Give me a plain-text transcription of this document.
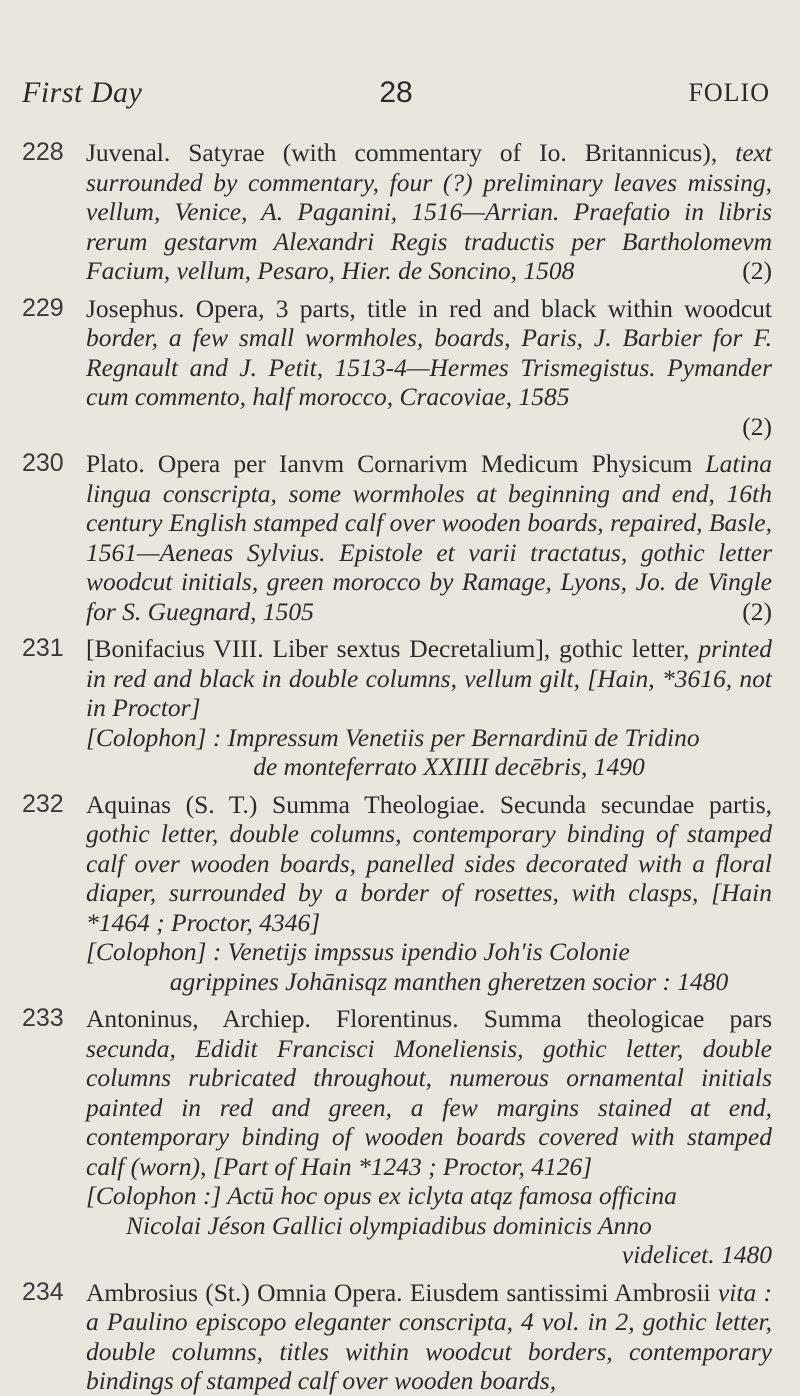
First Day	28	FOLIO
228 Juvenal. Satyrae (with commentary of Io. Britannicus), text surrounded by commentary, four (?) preliminary leaves missing, vellum, Venice, A. Paganini, 1516—Arrian. Praefatio in libris rerum gestarvm Alexandri Regis traductis per Bartholomevm Facium, vellum, Pesaro, Hier. de Soncino, 1508	(2)
229 Josephus. Opera, 3 parts, title in red and black within woodcut border, a few small wormholes, boards, Paris, J. Barbier for F. Regnault and J. Petit, 1513-4—Hermes Trismegistus. Pymander cum commento, half morocco, Cracoviae, 1585
(2)
230 Plato. Opera per Ianvm Cornarivm Medicum Physicum Latina lingua conscripta, some wormholes at beginning and end, 16th century English stamped calf over wooden boards, repaired, Basle, 1561—Aeneas Sylvius. Epistole et varii tractatus, gothic letter woodcut initials, green morocco by Ramage, Lyons, Jo. de Vingle for S. Guegnard, 1505	(2)
231 [Bonifacius VIII. Liber sextus Decretalium], gothic letter, printed in red and black in double columns, vellum gilt, [Hain, *3616, not in Proctor]
[Colophon] : Impressum Venetiis per Bernardinū de Tridino
de monteferrato XXIIII decēbris, 1490
232 Aquinas (S. T.) Summa Theologiae. Secunda secundae partis, gothic letter, double columns, contemporary binding of stamped calf over wooden boards, panelled sides decorated with a floral diaper, surrounded by a border of rosettes, with clasps, [Hain *1464 ; Proctor, 4346]
[Colophon] : Venetijs impssus ipendio Joh'is Colonie
agrippines Johānisqz manthen gheretzen socior : 1480
233 Antoninus, Archiep. Florentinus. Summa theologicae pars secunda, Edidit Francisci Moneliensis, gothic letter, double columns rubricated throughout, numerous ornamental initials painted in red and green, a few margins stained at end, contemporary binding of wooden boards covered with stamped calf (worn), [Part of Hain *1243 ; Proctor, 4126]
[Colophon :] Actū hoc opus ex iclyta atqz famosa officina
Nicolai Jéson Gallici olympiadibus dominicis Anno
videlicet. 1480
234 Ambrosius (St.) Omnia Opera. Eiusdem santissimi Ambrosii vita : a Paulino episcopo eleganter conscripta, 4 vol. in 2, gothic letter, double columns, titles within woodcut borders, contemporary bindings of stamped calf over wooden boards,
